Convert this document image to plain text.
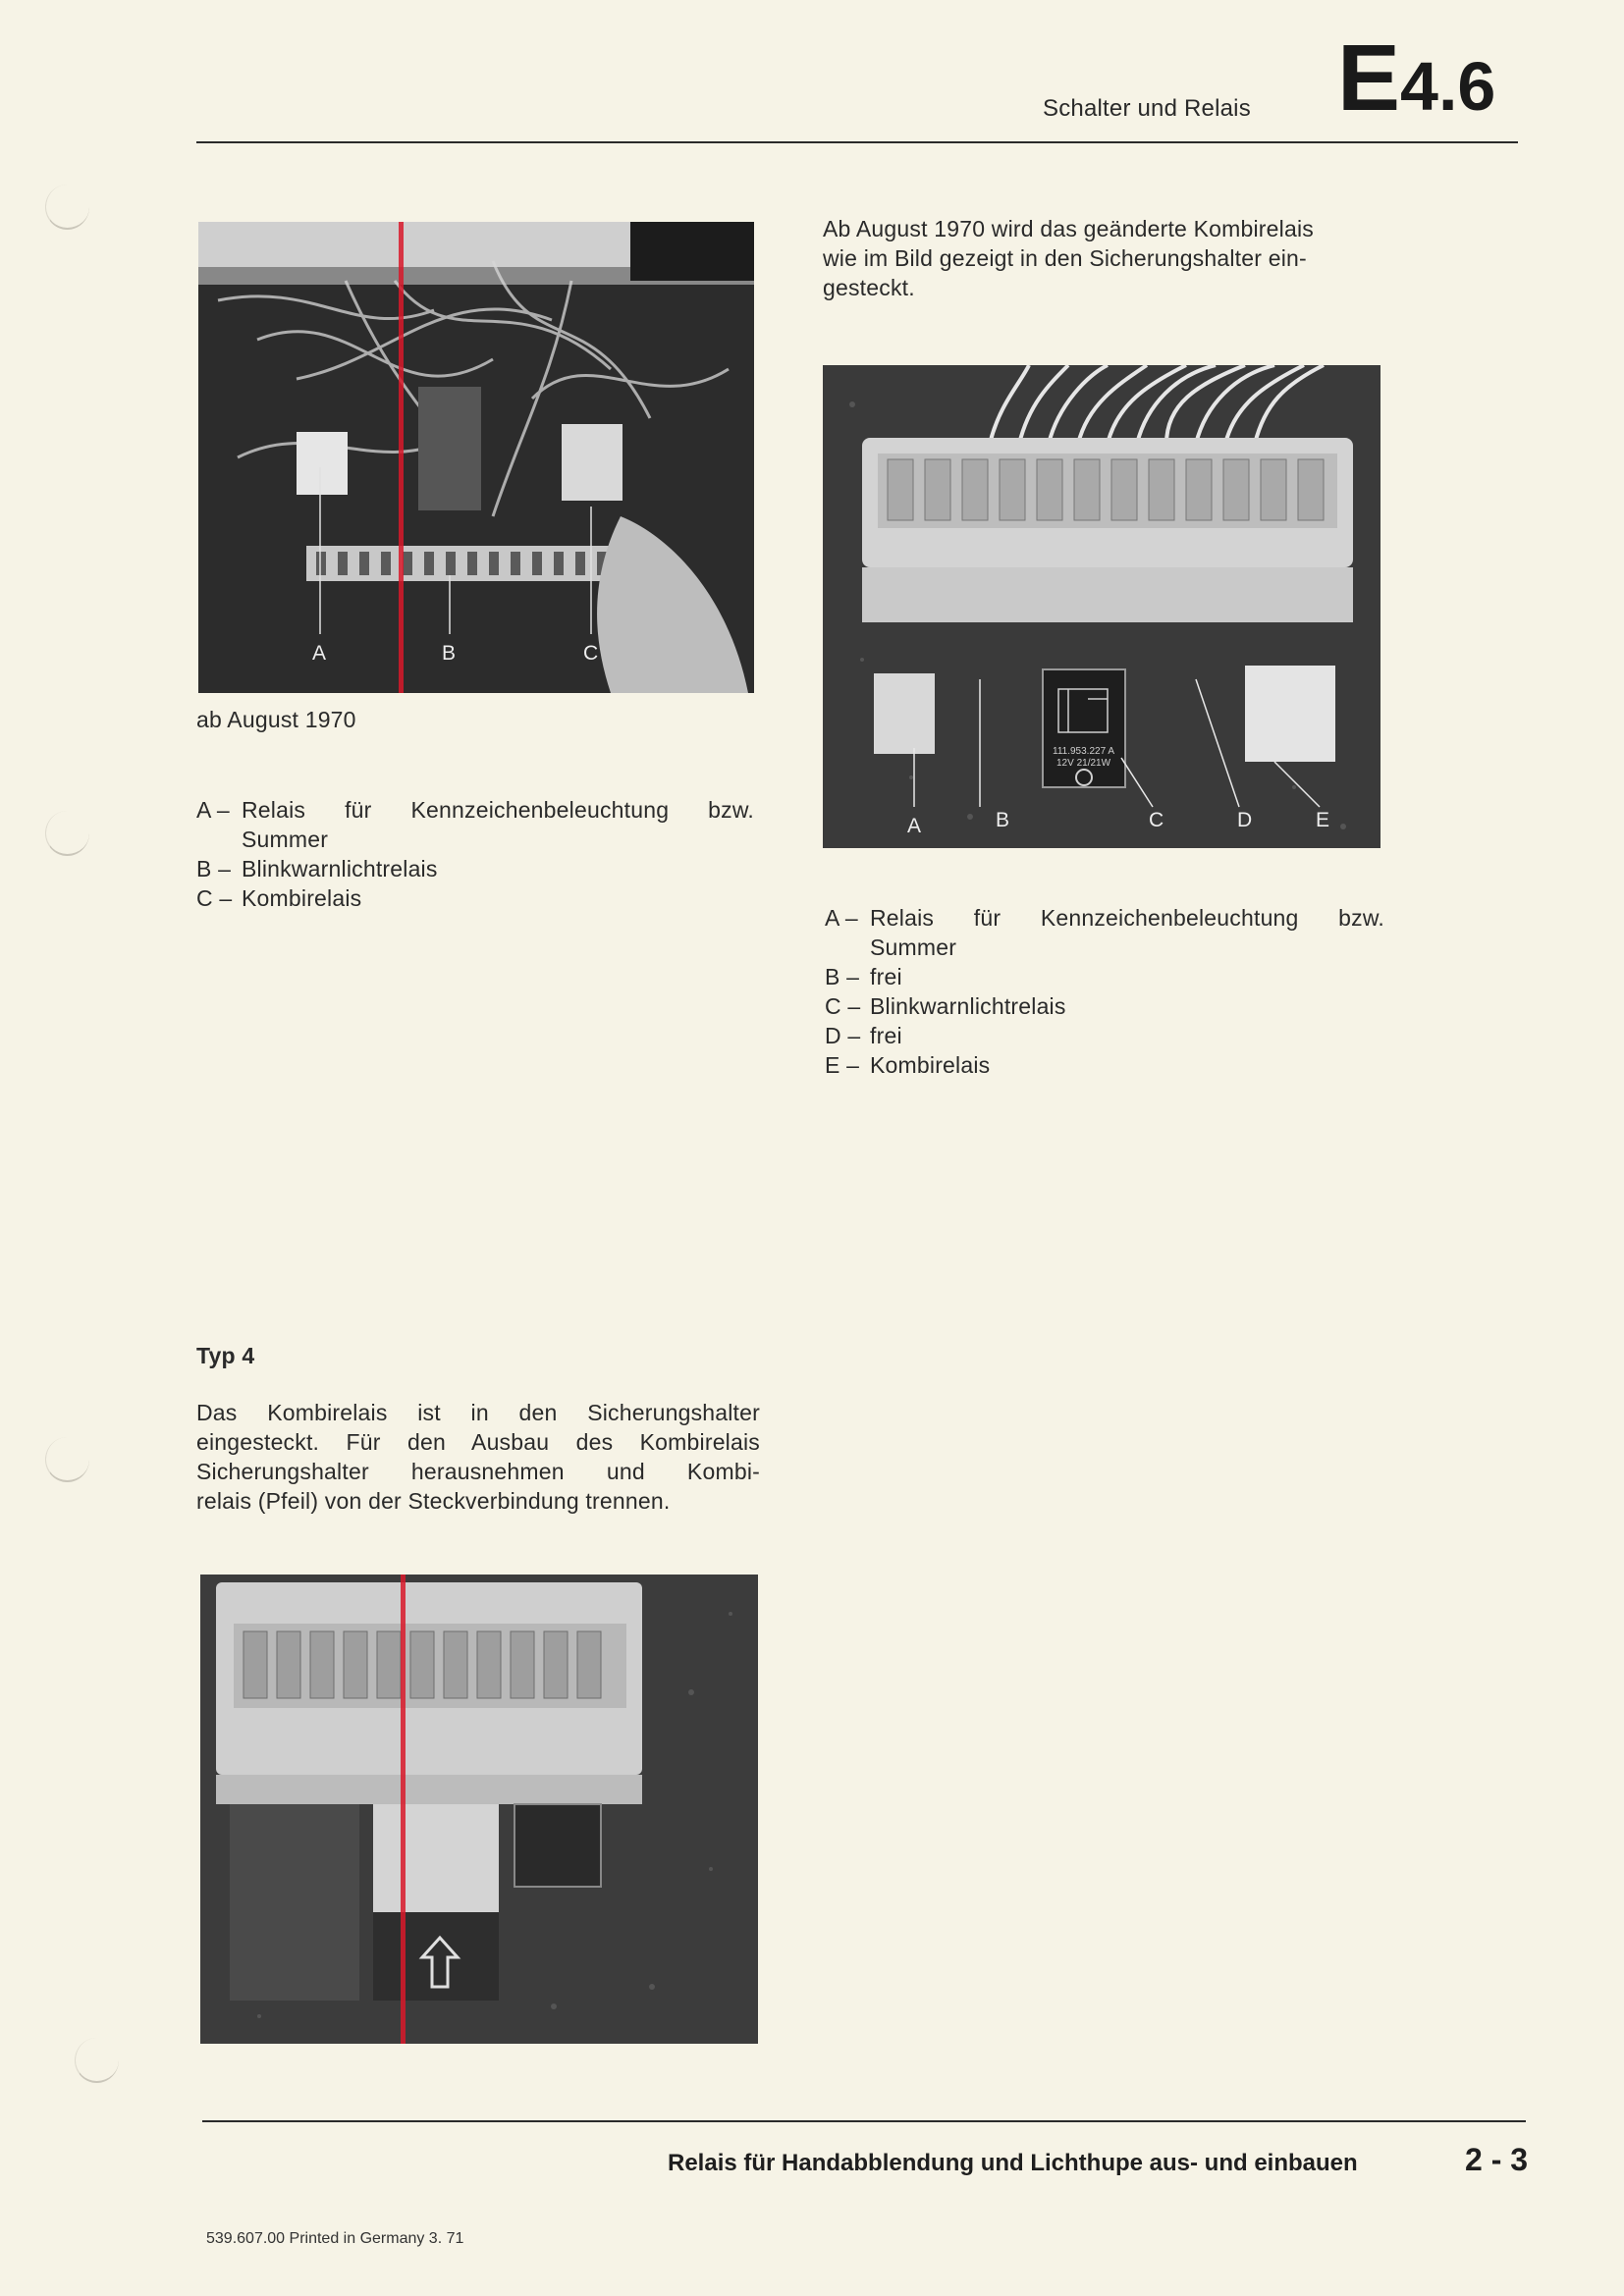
Schalter und Relais E4.6
A	B	C
ab August 1970
A – Relais für Kennzeichenbeleuchtung bzw.
Summer
B – Blinkwarnlichtrelais
C – Kombirelais
Ab August 1970 wird das geänderte Kombirelais
wie im Bild gezeigt in den Sicherungshalter ein-
gesteckt.
111.953.227 A
12V 21/21W
A	B	C	D	E
A – Relais für Kennzeichenbeleuchtung bzw.
Summer
B – frei
C – Blinkwarnlichtrelais
D – frei
E – Kombirelais
Typ 4
Das Kombirelais ist in den Sicherungshalter
eingesteckt. Für den Ausbau des Kombirelais
Sicherungshalter herausnehmen und Kombi-
relais (Pfeil) von der Steckverbindung trennen.
Relais für Handabblendung und Lichthupe aus- und einbauen	2 - 3
539.607.00 Printed in Germany 3. 71
